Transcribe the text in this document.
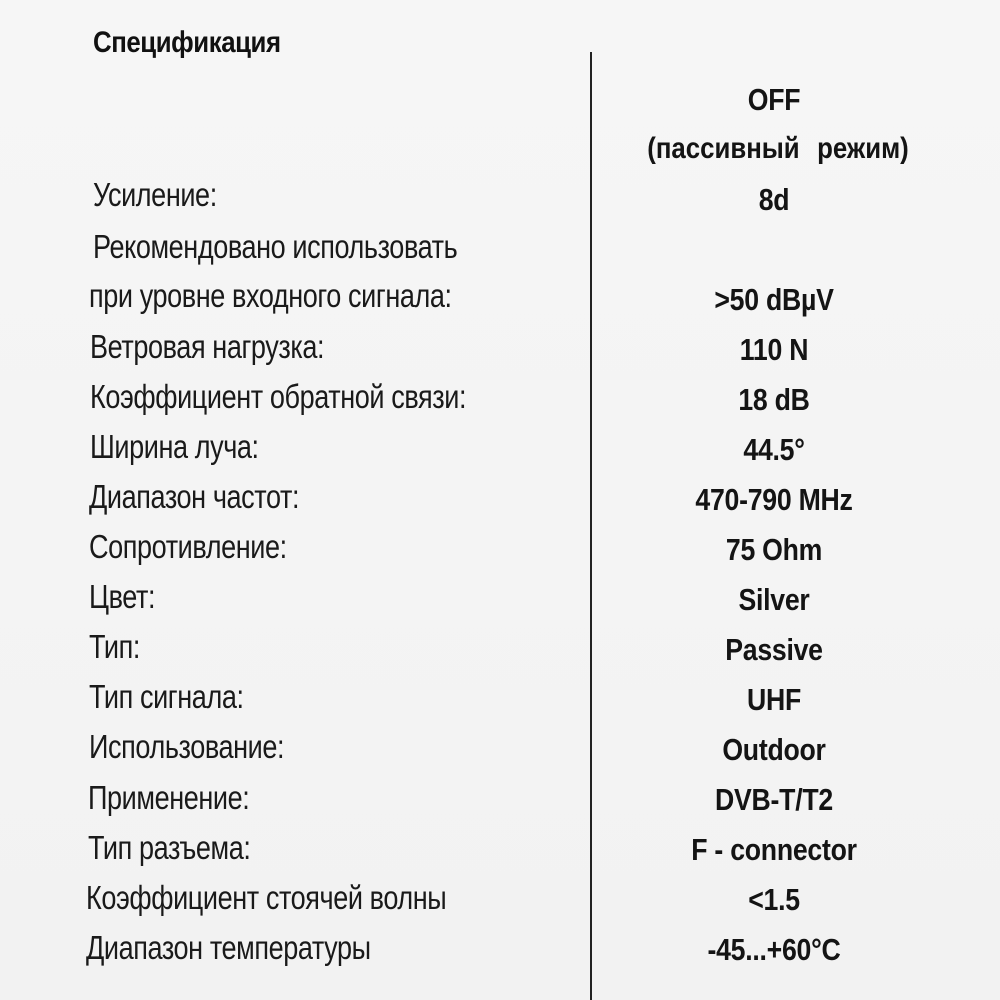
Спецификация
OFF
(пассивный режим)
Усиление:
Рекомендовано использовать
при уровне входного сигнала:
Ветровая нагрузка:
Коэффициент обратной связи:
Ширина луча:
Диапазон частот:
Сопротивление:
Цвет:
Тип:
Тип сигнала:
Использование:
Применение:
Тип разъема:
Коэффициент стоячей волны
Диапазон температуры
8d
>50 dBµV
110 N
18 dB
44.5°
470-790 MHz
75 Ohm
Silver
Passive
UHF
Outdoor
DVB-T/T2
F - connector
<1.5
-45...+60°C
